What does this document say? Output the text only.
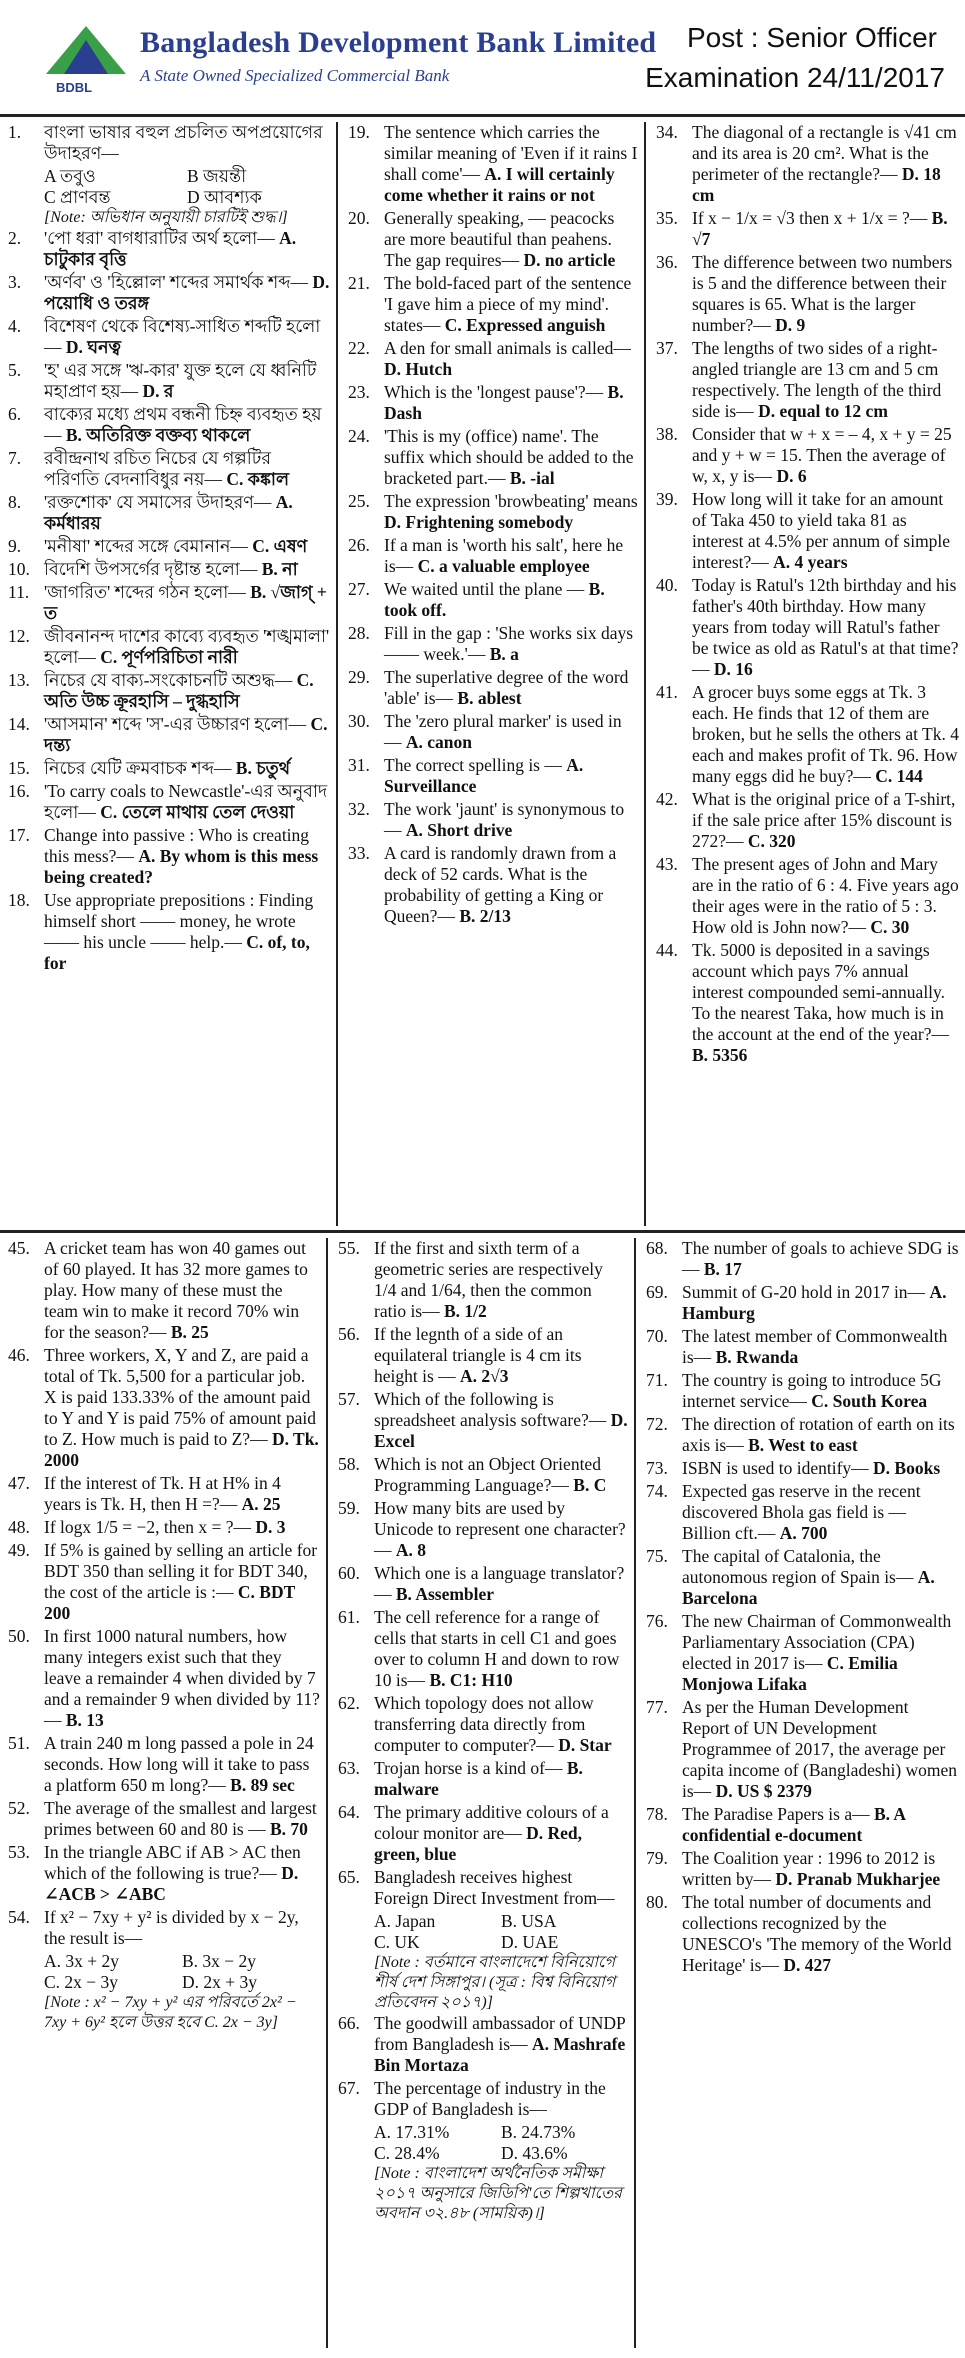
BDBL
Bangladesh Development Bank Limited
A State Owned Specialized Commercial Bank
Post : Senior Officer
Examination 24/11/2017
1.	বাংলা ভাষার বহুল প্রচলিত অপপ্রয়োগের উদাহরণ—
A তবুও	B জয়ন্তী
C প্রাণবন্ত	D আবশ্যক
[Note: অভিধান অনুযায়ী চারটিই শুদ্ধ।]
2.	'পো ধরা' বাগধারাটির অর্থ হলো— A. চাটুকার বৃত্তি
3.	'অর্ণব' ও 'হিল্লোল' শব্দের সমার্থক শব্দ— D. পয়োধি ও তরঙ্গ
4.	বিশেষণ থেকে বিশেষ্য-সাধিত শব্দটি হলো— D. ঘনত্ব
5.	'হ' এর সঙ্গে 'ঋ-কার' যুক্ত হলে যে ধ্বনিটি মহাপ্রাণ হয়— D. র
6.	বাক্যের মধ্যে প্রথম বন্ধনী চিহ্ন ব্যবহৃত হয়— B. অতিরিক্ত বক্তব্য থাকলে
7.	রবীন্দ্রনাথ রচিত নিচের যে গল্পটির পরিণতি বেদনাবিধুর নয়— C. কঙ্কাল
8.	'রক্তশোক' যে সমাসের উদাহরণ— A. কর্মধারয়
9.	'মনীষা' শব্দের সঙ্গে বেমানান— C. এষণ
10. বিদেশি উপসর্গের দৃষ্টান্ত হলো— B. না
11. 'জাগরিত' শব্দের গঠন হলো— B. √জাগ্ + ত
12. জীবনানন্দ দাশের কাব্যে ব্যবহৃত 'শঙ্খমালা' হলো— C. পূর্ণপরিচিতা নারী
13. নিচের যে বাক্য-সংকোচনটি অশুদ্ধ— C. অতি উচ্চ ক্রূরহাসি – দুগ্ধহাসি
14. 'আসমান' শব্দে 'স'-এর উচ্চারণ হলো— C. দন্ত্য
15. নিচের যেটি ক্রমবাচক শব্দ— B. চতুর্থ
16. 'To carry coals to Newcastle'-এর অনুবাদ হলো— C. তেলে মাথায় তেল দেওয়া
17. Change into passive : Who is creating this mess?— A. By whom is this mess being created?
18. Use appropriate prepositions : Finding himself short —— money, he wrote —— his uncle —— help.— C. of, to, for
19. The sentence which carries the similar meaning of 'Even if it rains I shall come'— A. I will certainly come whether it rains or not
20. Generally speaking, — peacocks are more beautiful than peahens. The gap requires— D. no article
21. The bold-faced part of the sentence 'I gave him a piece of my mind'. states— C. Expressed anguish
22. A den for small animals is called— D. Hutch
23. Which is the 'longest pause'?— B. Dash
24. 'This is my (office) name'. The suffix which should be added to the bracketed part.— B. -ial
25. The expression 'browbeating' means D. Frightening somebody
26. If a man is 'worth his salt', here he is— C. a valuable employee
27. We waited until the plane — B. took off.
28. Fill in the gap : 'She works six days —— week.'— B. a
29. The superlative degree of the word 'able' is— B. ablest
30. The 'zero plural marker' is used in— A. canon
31. The correct spelling is — A. Surveillance
32. The work 'jaunt' is synonymous to— A. Short drive
33. A card is randomly drawn from a deck of 52 cards. What is the probability of getting a King or Queen?— B. 2/13
34. The diagonal of a rectangle is √41 cm and its area is 20 cm². What is the perimeter of the rectangle?— D. 18 cm
35. If x − 1/x = √3 then x + 1/x = ?— B. √7
36. The difference between two numbers is 5 and the difference between their squares is 65. What is the larger number?— D. 9
37. The lengths of two sides of a right-angled triangle are 13 cm and 5 cm respectively. The length of the third side is— D. equal to 12 cm
38. Consider that w + x = – 4, x + y = 25 and y + w = 15. Then the average of w, x, y is— D. 6
39. How long will it take for an amount of Taka 450 to yield taka 81 as interest at 4.5% per annum of simple interest?— A. 4 years
40. Today is Ratul's 12th birthday and his father's 40th birthday. How many years from today will Ratul's father be twice as old as Ratul's at that time?— D. 16
41. A grocer buys some eggs at Tk. 3 each. He finds that 12 of them are broken, but he sells the others at Tk. 4 each and makes profit of Tk. 96. How many eggs did he buy?— C. 144
42. What is the original price of a T-shirt, if the sale price after 15% discount is 272?— C. 320
43. The present ages of John and Mary are in the ratio of 6 : 4. Five years ago their ages were in the ratio of 5 : 3. How old is John now?— C. 30
44. Tk. 5000 is deposited in a savings account which pays 7% annual interest compounded semi-annually. To the nearest Taka, how much is in the account at the end of the year?— B. 5356
45. A cricket team has won 40 games out of 60 played. It has 32 more games to play. How many of these must the team win to make it record 70% win for the season?— B. 25
46. Three workers, X, Y and Z, are paid a total of Tk. 5,500 for a particular job. X is paid 133.33% of the amount paid to Y and Y is paid 75% of amount paid to Z. How much is paid to Z?— D. Tk. 2000
47. If the interest of Tk. H at H% in 4 years is Tk. H, then H =?— A. 25
48. If logx 1/5 = −2, then x = ?— D. 3
49. If 5% is gained by selling an article for BDT 350 than selling it for BDT 340, the cost of the article is :— C. BDT 200
50. In first 1000 natural numbers, how many integers exist such that they leave a remainder 4 when divided by 7 and a remainder 9 when divided by 11?— B. 13
51. A train 240 m long passed a pole in 24 seconds. How long will it take to pass a platform 650 m long?— B. 89 sec
52. The average of the smallest and largest primes between 60 and 80 is — B. 70
53. In the triangle ABC if AB > AC then which of the following is true?— D. ∠ACB > ∠ABC
54. If x² − 7xy + y² is divided by x − 2y, the result is—
A. 3x + 2y	B. 3x − 2y
C. 2x − 3y	D. 2x + 3y
[Note : x² − 7xy + y² এর পরিবর্তে 2x² − 7xy + 6y² হলে উত্তর হবে C. 2x − 3y]
55. If the first and sixth term of a geometric series are respectively 1/4 and 1/64, then the common ratio is— B. 1/2
56. If the legnth of a side of an equilateral triangle is 4 cm its height is — A. 2√3
57. Which of the following is spreadsheet analysis software?— D. Excel
58. Which is not an Object Oriented Programming Language?— B. C
59. How many bits are used by Unicode to represent one character?— A. 8
60. Which one is a language translator?— B. Assembler
61. The cell reference for a range of cells that starts in cell C1 and goes over to column H and down to row 10 is— B. C1: H10
62. Which topology does not allow transferring data directly from computer to computer?— D. Star
63. Trojan horse is a kind of— B. malware
64. The primary additive colours of a colour monitor are— D. Red, green, blue
65. Bangladesh receives highest Foreign Direct Investment from—
A. Japan	B. USA
C. UK	D. UAE
[Note : বর্তমানে বাংলাদেশে বিনিয়োগে শীর্ষ দেশ সিঙ্গাপুর। (সূত্র : বিশ্ব বিনিয়োগ প্রতিবেদন ২০১৭)]
66. The goodwill ambassador of UNDP from Bangladesh is— A. Mashrafe Bin Mortaza
67. The percentage of industry in the GDP of Bangladesh is—
A. 17.31%	B. 24.73%
C. 28.4%	D. 43.6%
[Note : বাংলাদেশ অর্থনৈতিক সমীক্ষা ২০১৭ অনুসারে জিডিপি'তে শিল্পখাতের অবদান ৩২.৪৮ (সাময়িক)।]
68. The number of goals to achieve SDG is— B. 17
69. Summit of G-20 hold in 2017 in— A. Hamburg
70. The latest member of Commonwealth is— B. Rwanda
71. The country is going to introduce 5G internet service— C. South Korea
72. The direction of rotation of earth on its axis is— B. West to east
73. ISBN is used to identify— D. Books
74. Expected gas reserve in the recent discovered Bhola gas field is — Billion cft.— A. 700
75. The capital of Catalonia, the autonomous region of Spain is— A. Barcelona
76. The new Chairman of Commonwealth Parliamentary Association (CPA) elected in 2017 is— C. Emilia Monjowa Lifaka
77. As per the Human Development Report of UN Development Programmee of 2017, the average per capita income of (Bangladeshi) women is— D. US $ 2379
78. The Paradise Papers is a— B. A confidential e-document
79. The Coalition year : 1996 to 2012 is written by— D. Pranab Mukharjee
80. The total number of documents and collections recognized by the UNESCO's 'The memory of the World Heritage' is— D. 427
